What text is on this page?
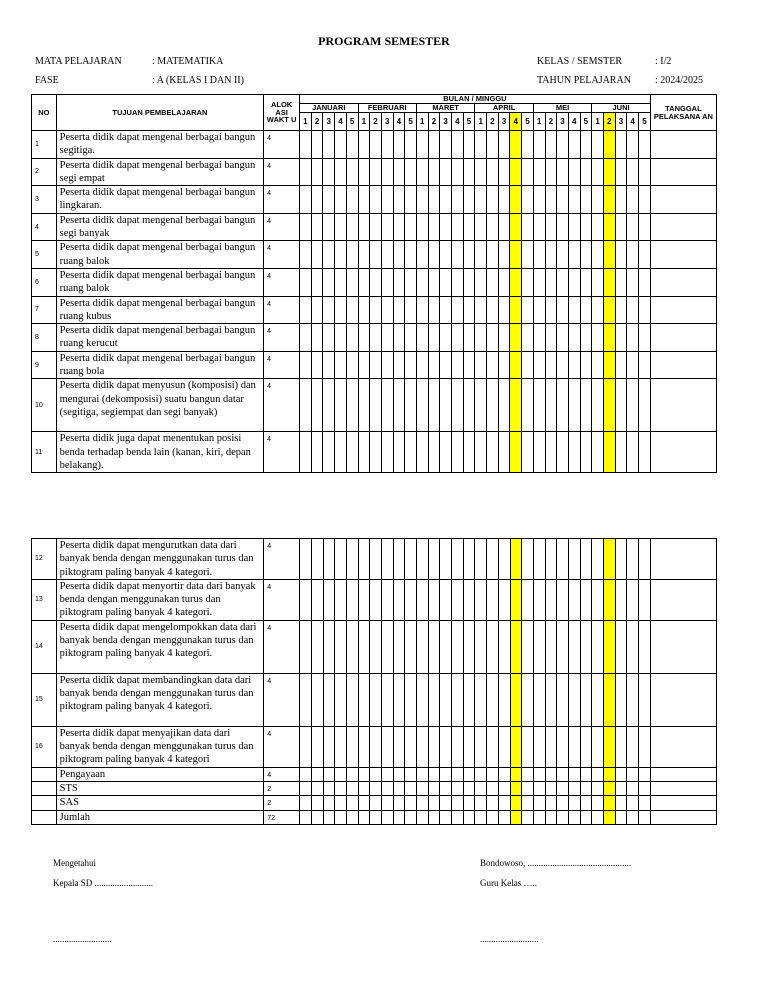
PROGRAM SEMESTER
MATA PELAJARAN	: MATEMATIKA
FASE	: A (KELAS I DAN II)
KELAS / SEMSTER	: I/2
TAHUN PELAJARAN : 2024/2025
NO	TUJUAN PEMBELAJARAN	ALOK ASI WAKT U	BULAN / MINGGU																														TANGGAL PELAKSANA AN
			JANUARI					FEBRUARI					MARET					APRIL					MEI					JUNI					
			1	2	3	4	5	1	2	3	4	5	1	2	3	4	5	1	2	3	4	5	1	2	3	4	5	1	2	3	4	5	
1	Peserta didik dapat mengenal berbagai bangun segitiga.	4																															
2	Peserta didik dapat mengenal berbagai bangun segi empat	4																															
3	Peserta didik dapat mengenal berbagai bangun lingkaran.	4																															
4	Peserta didik dapat mengenal berbagai bangun segi banyak	4																															
5	Peserta didik dapat mengenal berbagai bangun ruang balok	4																															
6	Peserta didik dapat mengenal berbagai bangun ruang balok	4																															
7	Peserta didik dapat mengenal berbagai bangun ruang kubus	4																															
8	Peserta didik dapat mengenal berbagai bangun ruang kerucut	4																															
9	Peserta didik dapat mengenal berbagai bangun ruang bola	4																															
10	Peserta didik dapat menyusun (komposisi) dan mengurai (dekomposisi) suatu bangun datar (segitiga, segiempat dan segi banyak)	4																															
11	Peserta didik juga dapat menentukan posisi benda terhadap benda lain (kanan, kiri, depan belakang).	4																															
12	Peserta didik dapat mengurutkan data dari banyak benda dengan menggunakan turus dan piktogram paling banyak 4 kategori.	4																															
13	Peserta didik dapat menyortir data dari banyak benda dengan menggunakan turus dan piktogram paling banyak 4 kategori.	4																															
14	Peserta didik dapat mengelompokkan data dari banyak benda dengan menggunakan turus dan piktogram paling banyak 4 kategori.	4																															
15	Peserta didik dapat membandingkan data dari banyak benda dengan menggunakan turus dan piktogram paling banyak 4 kategori.	4																															
16	Peserta didik dapat menyajikan data dari banyak benda dengan menggunakan turus dan piktogram paling banyak 4 kategori	4																															
	Pengayaan	4																															
	STS	2																															
	SAS	2																															
	Jumlah	72																															
Mengetahui
Kepala SD ..........................
..........................
Bondowoso, ..............................................
Guru Kelas …..
..........................
